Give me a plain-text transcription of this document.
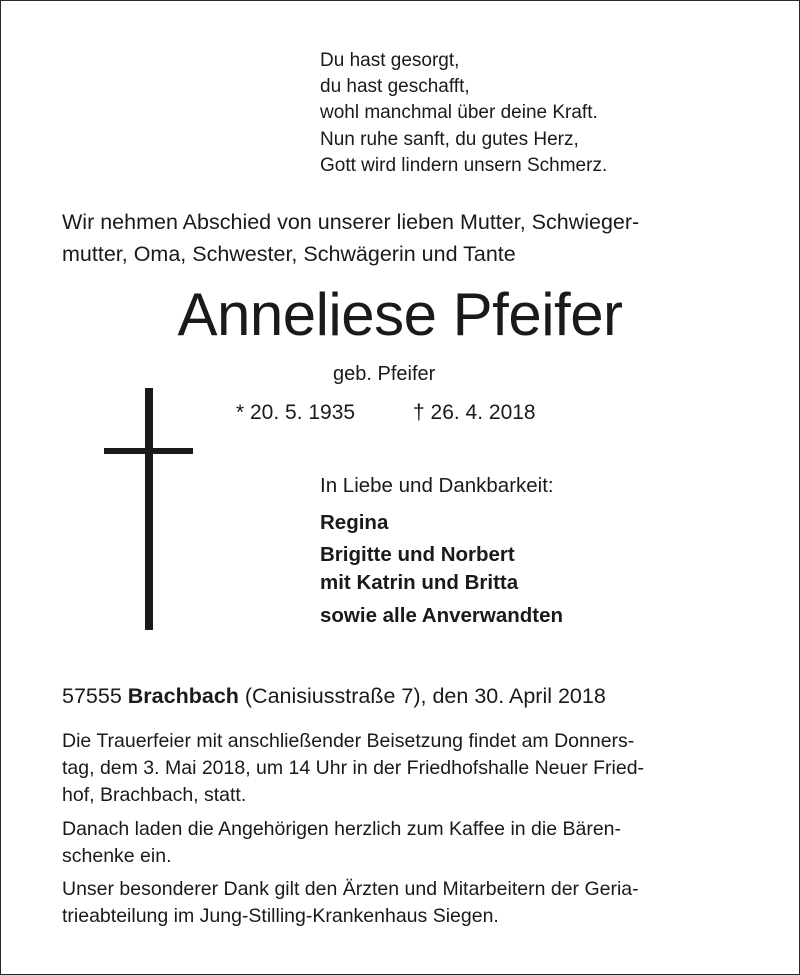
Du hast gesorgt,
du hast geschafft,
wohl manchmal über deine Kraft.
Nun ruhe sanft, du gutes Herz,
Gott wird lindern unsern Schmerz.
Wir nehmen Abschied von unserer lieben Mutter, Schwieger-
mutter, Oma, Schwester, Schwägerin und Tante
Anneliese Pfeifer
geb. Pfeifer
* 20. 5. 1935	† 26. 4. 2018
In Liebe und Dankbarkeit:
Regina
Brigitte und Norbert
mit Katrin und Britta
sowie alle Anverwandten
57555 Brachbach (Canisiusstraße 7), den 30. April 2018
Die Trauerfeier mit anschließender Beisetzung findet am Donners-
tag, dem 3. Mai 2018, um 14 Uhr in der Friedhofshalle Neuer Fried-
hof, Brachbach, statt.
Danach laden die Angehörigen herzlich zum Kaffee in die Bären-
schenke ein.
Unser besonderer Dank gilt den Ärzten und Mitarbeitern der Geria-
trieabteilung im Jung-Stilling-Krankenhaus Siegen.
